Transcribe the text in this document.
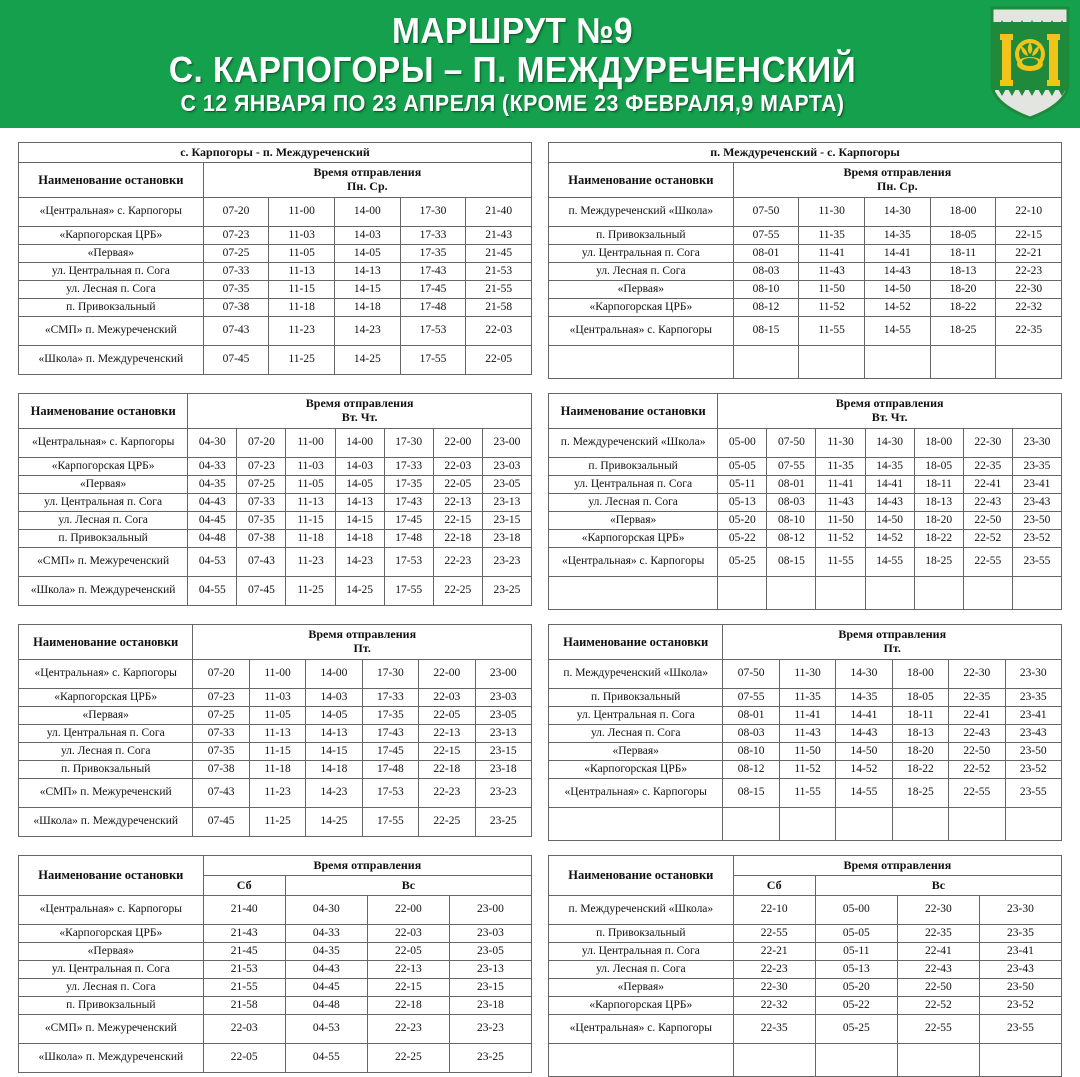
МАРШРУТ №9
С. КАРПОГОРЫ – П. МЕЖДУРЕЧЕНСКИЙ
С 12 ЯНВАРЯ ПО 23 АПРЕЛЯ (КРОМЕ 23 ФЕВРАЛЯ,9 МАРТА)
с. Карпогоры - п. Междуреченский					
Наименование остановки	Время отправления
Пн. Ср.				
«Центральная» с. Карпогоры	07-20	11-00	14-00	17-30	21-40
«Карпогорская ЦРБ»	07-23	11-03	14-03	17-33	21-43
«Первая»	07-25	11-05	14-05	17-35	21-45
ул. Центральная п. Сога	07-33	11-13	14-13	17-43	21-53
ул. Лесная п. Сога	07-35	11-15	14-15	17-45	21-55
п. Привокзальный	07-38	11-18	14-18	17-48	21-58
«СМП» п. Межуреченский	07-43	11-23	14-23	17-53	22-03
«Школа» п. Междуреченский	07-45	11-25	14-25	17-55	22-05
п. Междуреченский - с. Карпогоры					
Наименование остановки	Время отправления
Пн. Ср.				
п. Междуреченский «Школа»	07-50	11-30	14-30	18-00	22-10
п. Привокзальный	07-55	11-35	14-35	18-05	22-15
ул. Центральная п. Сога	08-01	11-41	14-41	18-11	22-21
ул. Лесная п. Сога	08-03	11-43	14-43	18-13	22-23
«Первая»	08-10	11-50	14-50	18-20	22-30
«Карпогорская ЦРБ»	08-12	11-52	14-52	18-22	22-32
«Центральная» с. Карпогоры	08-15	11-55	14-55	18-25	22-35

Наименование остановки	Время отправления
Вт. Чт.						
«Центральная» с. Карпогоры	04-30	07-20	11-00	14-00	17-30	22-00	23-00
«Карпогорская ЦРБ»	04-33	07-23	11-03	14-03	17-33	22-03	23-03
«Первая»	04-35	07-25	11-05	14-05	17-35	22-05	23-05
ул. Центральная п. Сога	04-43	07-33	11-13	14-13	17-43	22-13	23-13
ул. Лесная п. Сога	04-45	07-35	11-15	14-15	17-45	22-15	23-15
п. Привокзальный	04-48	07-38	11-18	14-18	17-48	22-18	23-18
«СМП» п. Межуреченский	04-53	07-43	11-23	14-23	17-53	22-23	23-23
«Школа» п. Междуреченский	04-55	07-45	11-25	14-25	17-55	22-25	23-25
Наименование остановки	Время отправления
Вт. Чт.						
п. Междуреченский «Школа»	05-00	07-50	11-30	14-30	18-00	22-30	23-30
п. Привокзальный	05-05	07-55	11-35	14-35	18-05	22-35	23-35
ул. Центральная п. Сога	05-11	08-01	11-41	14-41	18-11	22-41	23-41
ул. Лесная п. Сога	05-13	08-03	11-43	14-43	18-13	22-43	23-43
«Первая»	05-20	08-10	11-50	14-50	18-20	22-50	23-50
«Карпогорская ЦРБ»	05-22	08-12	11-52	14-52	18-22	22-52	23-52
«Центральная» с. Карпогоры	05-25	08-15	11-55	14-55	18-25	22-55	23-55

Наименование остановки	Время отправления
Пт.					
«Центральная» с. Карпогоры	07-20	11-00	14-00	17-30	22-00	23-00
«Карпогорская ЦРБ»	07-23	11-03	14-03	17-33	22-03	23-03
«Первая»	07-25	11-05	14-05	17-35	22-05	23-05
ул. Центральная п. Сога	07-33	11-13	14-13	17-43	22-13	23-13
ул. Лесная п. Сога	07-35	11-15	14-15	17-45	22-15	23-15
п. Привокзальный	07-38	11-18	14-18	17-48	22-18	23-18
«СМП» п. Межуреченский	07-43	11-23	14-23	17-53	22-23	23-23
«Школа» п. Междуреченский	07-45	11-25	14-25	17-55	22-25	23-25
Наименование остановки	Время отправления
Пт.					
п. Междуреченский «Школа»	07-50	11-30	14-30	18-00	22-30	23-30
п. Привокзальный	07-55	11-35	14-35	18-05	22-35	23-35
ул. Центральная п. Сога	08-01	11-41	14-41	18-11	22-41	23-41
ул. Лесная п. Сога	08-03	11-43	14-43	18-13	22-43	23-43
«Первая»	08-10	11-50	14-50	18-20	22-50	23-50
«Карпогорская ЦРБ»	08-12	11-52	14-52	18-22	22-52	23-52
«Центральная» с. Карпогоры	08-15	11-55	14-55	18-25	22-55	23-55

Наименование остановки	Время отправления			
	Сб	Вс		
«Центральная» с. Карпогоры	21-40	04-30	22-00	23-00
«Карпогорская ЦРБ»	21-43	04-33	22-03	23-03
«Первая»	21-45	04-35	22-05	23-05
ул. Центральная п. Сога	21-53	04-43	22-13	23-13
ул. Лесная п. Сога	21-55	04-45	22-15	23-15
п. Привокзальный	21-58	04-48	22-18	23-18
«СМП» п. Межуреченский	22-03	04-53	22-23	23-23
«Школа» п. Междуреченский	22-05	04-55	22-25	23-25
Наименование остановки	Время отправления			
	Сб	Вс		
п. Междуреченский «Школа»	22-10	05-00	22-30	23-30
п. Привокзальный	22-55	05-05	22-35	23-35
ул. Центральная п. Сога	22-21	05-11	22-41	23-41
ул. Лесная п. Сога	22-23	05-13	22-43	23-43
«Первая»	22-30	05-20	22-50	23-50
«Карпогорская ЦРБ»	22-32	05-22	22-52	23-52
«Центральная» с. Карпогоры	22-35	05-25	22-55	23-55
